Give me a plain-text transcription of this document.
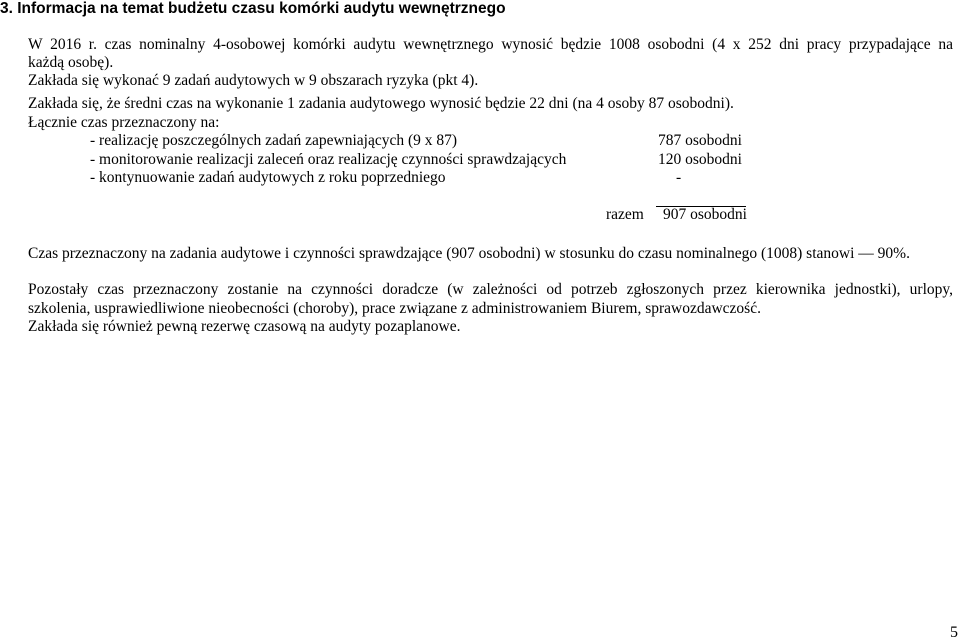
3. Informacja na temat budżetu czasu komórki audytu wewnętrznego
W 2016 r. czas nominalny 4-osobowej komórki audytu wewnętrznego wynosić będzie 1008 osobodni (4 x 252 dni pracy przypadające na
każdą osobę).
Zakłada się wykonać 9 zadań audytowych w 9 obszarach ryzyka (pkt 4).
Zakłada się, że średni czas na wykonanie 1 zadania audytowego wynosić będzie 22 dni (na 4 osoby 87 osobodni).
Łącznie czas przeznaczony na:
- realizację poszczególnych zadań zapewniających (9 x 87)	787 osobodni
- monitorowanie realizacji zaleceń oraz realizację czynności sprawdzających	120 osobodni
- kontynuowanie zadań audytowych z roku poprzedniego	-
razem 907 osobodni
Czas przeznaczony na zadania audytowe i czynności sprawdzające (907 osobodni) w stosunku do czasu nominalnego (1008) stanowi — 90%.
Pozostały czas przeznaczony zostanie na czynności doradcze (w zależności od potrzeb zgłoszonych przez kierownika jednostki), urlopy,
szkolenia, usprawiedliwione nieobecności (choroby), prace związane z administrowaniem Biurem, sprawozdawczość.
Zakłada się również pewną rezerwę czasową na audyty pozaplanowe.
5
